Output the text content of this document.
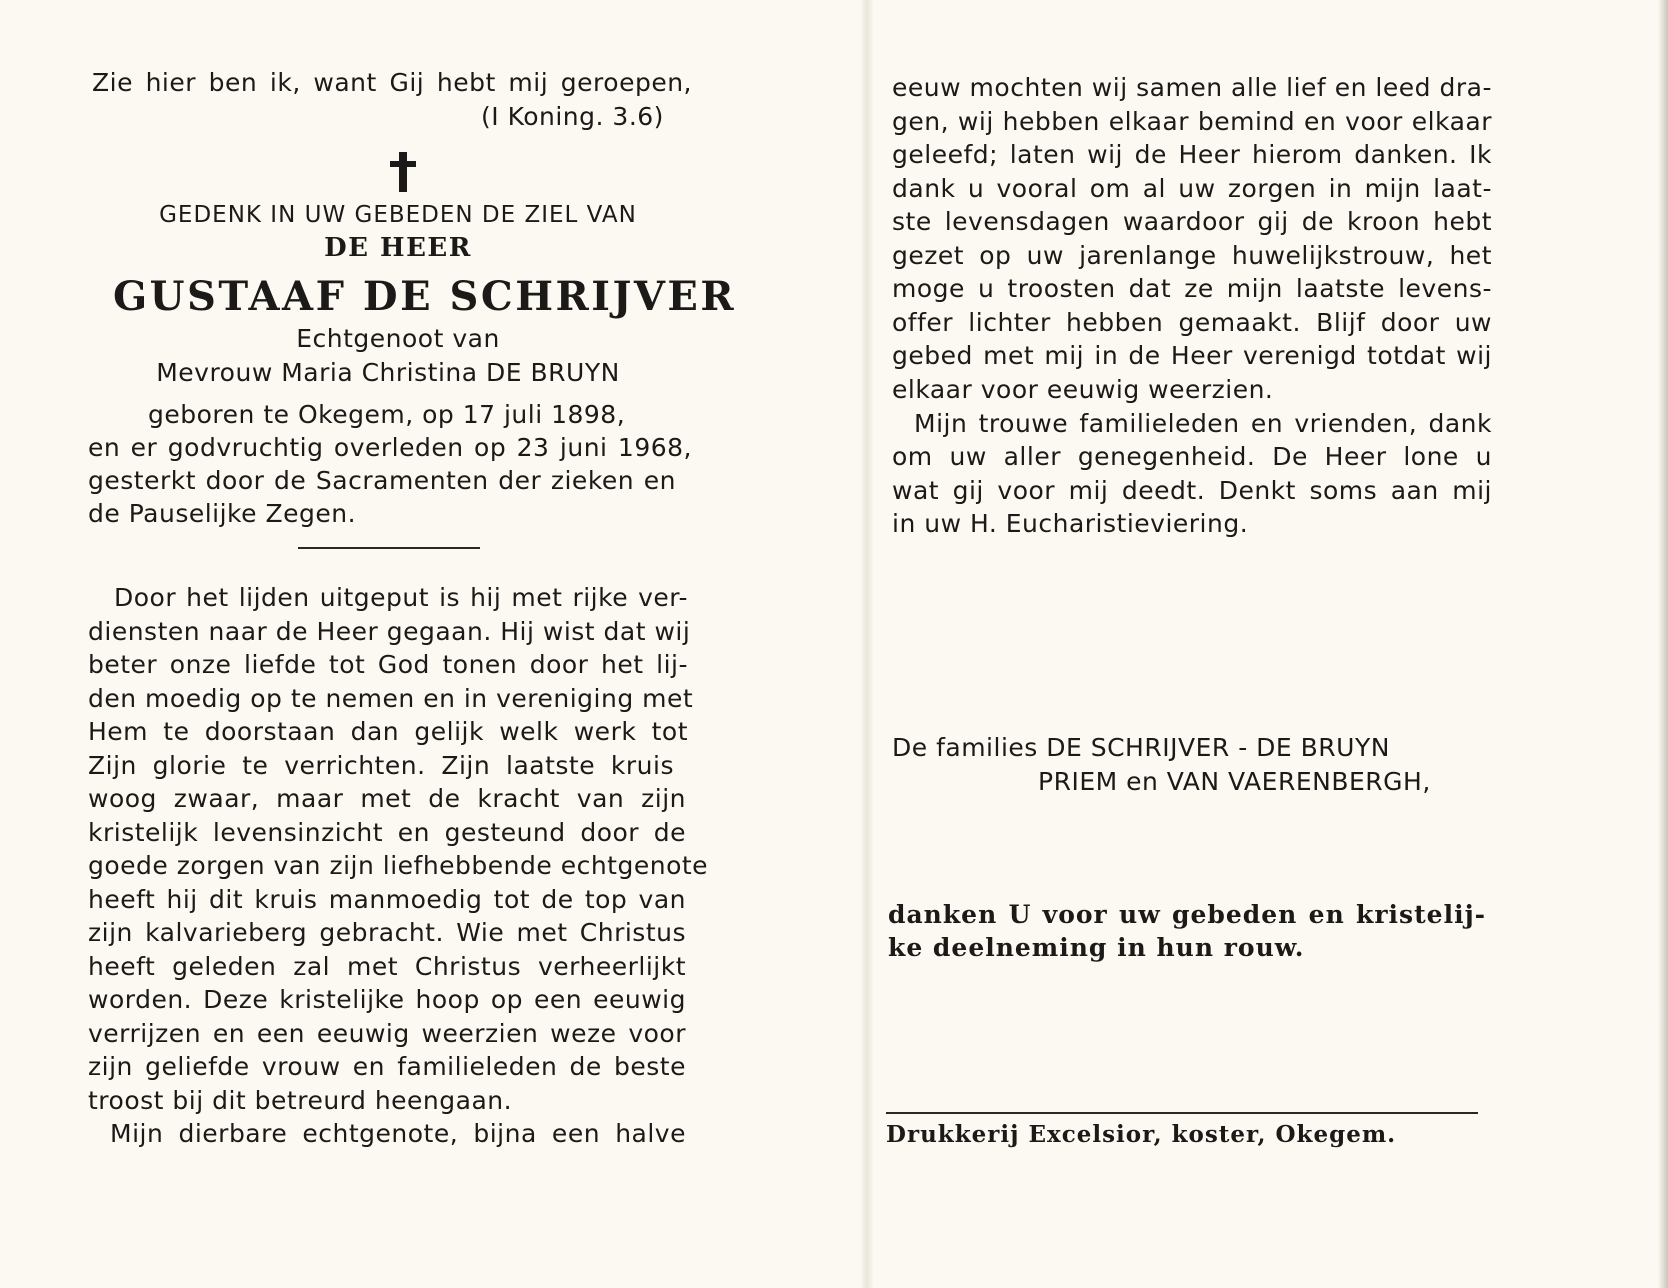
Zie hier ben ik, want Gij hebt mij geroepen,
(I Koning. 3.6)
GEDENK IN UW GEBEDEN DE ZIEL VAN
DE HEER
GUSTAAF DE SCHRIJVER
Echtgenoot van
Mevrouw Maria Christina DE BRUYN
geboren te Okegem, op 17 juli 1898,
en er godvruchtig overleden op 23 juni 1968,
gesterkt door de Sacramenten der zieken en
de Pauselijke Zegen.
Door het lijden uitgeput is hij met rijke ver-
diensten naar de Heer gegaan. Hij wist dat wij
beter onze liefde tot God tonen door het lij-
den moedig op te nemen en in vereniging met
Hem te doorstaan dan gelijk welk werk tot
Zijn glorie te verrichten. Zijn laatste kruis
woog zwaar, maar met de kracht van zijn
kristelijk levensinzicht en gesteund door de
goede zorgen van zijn liefhebbende echtgenote
heeft hij dit kruis manmoedig tot de top van
zijn kalvarieberg gebracht. Wie met Christus
heeft geleden zal met Christus verheerlijkt
worden. Deze kristelijke hoop op een eeuwig
verrijzen en een eeuwig weerzien weze voor
zijn geliefde vrouw en familieleden de beste
troost bij dit betreurd heengaan.
Mijn dierbare echtgenote, bijna een halve
eeuw mochten wij samen alle lief en leed dra-
gen, wij hebben elkaar bemind en voor elkaar
geleefd; laten wij de Heer hierom danken. Ik
dank u vooral om al uw zorgen in mijn laat-
ste levensdagen waardoor gij de kroon hebt
gezet op uw jarenlange huwelijkstrouw, het
moge u troosten dat ze mijn laatste levens-
offer lichter hebben gemaakt. Blijf door uw
gebed met mij in de Heer verenigd totdat wij
elkaar voor eeuwig weerzien.
Mijn trouwe familieleden en vrienden, dank
om uw aller genegenheid. De Heer lone u
wat gij voor mij deedt. Denkt soms aan mij
in uw H. Eucharistieviering.
De families DE SCHRIJVER - DE BRUYN
PRIEM en VAN VAERENBERGH,
danken U voor uw gebeden en kristelij-
ke deelneming in hun rouw.
Drukkerij Excelsior, koster, Okegem.
